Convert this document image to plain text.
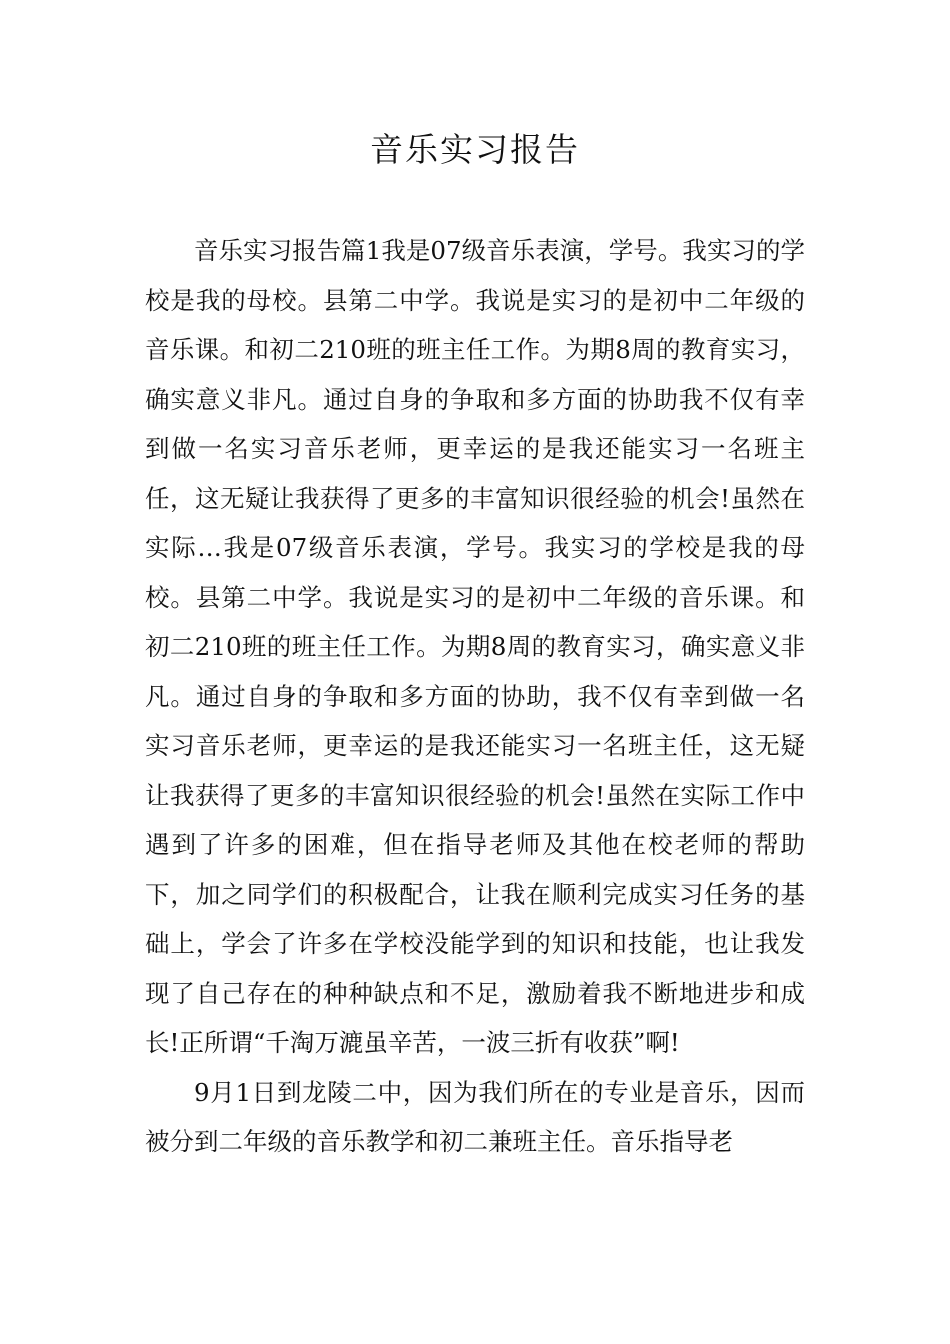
音乐实习报告

音乐实习报告篇1我是07级音乐表演，学号。我实习的学校是我的母校。县第二中学。我说是实习的是初中二年级的音乐课。和初二210班的班主任工作。为期8周的教育实习，确实意义非凡。通过自身的争取和多方面的协助我不仅有幸到做一名实习音乐老师，更幸运的是我还能实习一名班主任，这无疑让我获得了更多的丰富知识很经验的机会!虽然在实际…我是07级音乐表演，学号。我实习的学校是我的母校。县第二中学。我说是实习的是初中二年级的音乐课。和初二210班的班主任工作。为期8周的教育实习，确实意义非凡。通过自身的争取和多方面的协助，我不仅有幸到做一名实习音乐老师，更幸运的是我还能实习一名班主任，这无疑让我获得了更多的丰富知识很经验的机会!虽然在实际工作中遇到了许多的困难，但在指导老师及其他在校老师的帮助下，加之同学们的积极配合，让我在顺利完成实习任务的基础上，学会了许多在学校没能学到的知识和技能，也让我发现了自己存在的种种缺点和不足，激励着我不断地进步和成长!正所谓“千淘万漉虽辛苦，一波三折有收获”啊!

9月1日到龙陵二中，因为我们所在的专业是音乐，因而被分到二年级的音乐教学和初二兼班主任。音乐指导老
